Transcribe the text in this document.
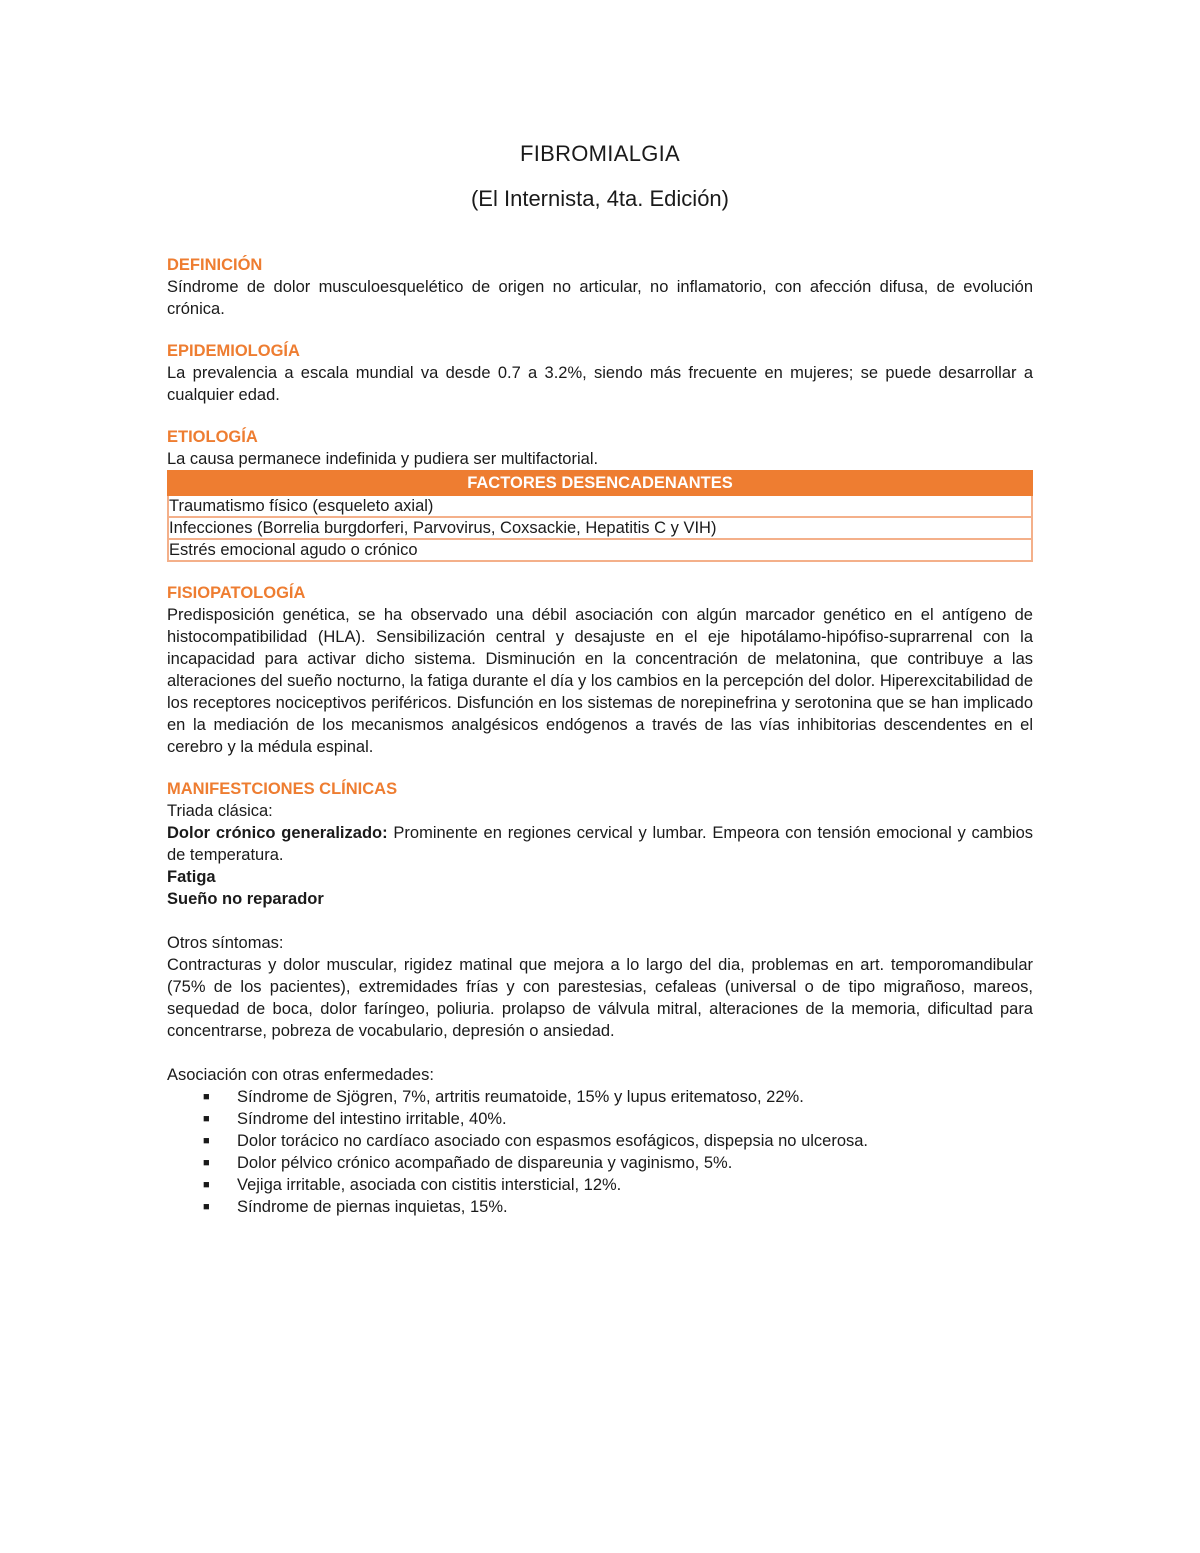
FIBROMIALGIA
(El Internista, 4ta. Edición)
DEFINICIÓN

Síndrome de dolor musculoesquelético de origen no articular, no inflamatorio, con afección difusa, de evolución crónica.

EPIDEMIOLOGÍA

La prevalencia a escala mundial va desde 0.7 a 3.2%, siendo más frecuente en mujeres; se puede desarrollar a cualquier edad.

ETIOLOGÍA

La causa permanece indefinida y pudiera ser multifactorial.

FACTORES DESENCADENANTES
Traumatismo físico (esqueleto axial)
Infecciones (Borrelia burgdorferi, Parvovirus, Coxsackie, Hepatitis C y VIH)
Estrés emocional agudo o crónico
FISIOPATOLOGÍA

Predisposición genética, se ha observado una débil asociación con algún marcador genético en el antígeno de histocompatibilidad (HLA). Sensibilización central y desajuste en el eje hipotálamo-hipófiso-suprarrenal con la incapacidad para activar dicho sistema. Disminución en la concentración de melatonina, que contribuye a las alteraciones del sueño nocturno, la fatiga durante el día y los cambios en la percepción del dolor. Hiperexcitabilidad de los receptores nociceptivos periféricos. Disfunción en los sistemas de norepinefrina y serotonina que se han implicado en la mediación de los mecanismos analgésicos endógenos a través de las vías inhibitorias descendentes en el cerebro y la médula espinal.

MANIFESTCIONES CLÍNICAS

Triada clásica:

Dolor crónico generalizado: Prominente en regiones cervical y lumbar. Empeora con tensión emocional y cambios de temperatura.

Fatiga

Sueño no reparador

Otros síntomas:

Contracturas y dolor muscular, rigidez matinal que mejora a lo largo del dia, problemas en art. temporomandibular (75% de los pacientes), extremidades frías y con parestesias, cefaleas (universal o de tipo migrañoso, mareos, sequedad de boca, dolor faríngeo, poliuria. prolapso de válvula mitral, alteraciones de la memoria, dificultad para concentrarse, pobreza de vocabulario, depresión o ansiedad.

Asociación con otras enfermedades:

■ Síndrome de Sjögren, 7%, artritis reumatoide, 15% y lupus eritematoso, 22%.
■ Síndrome del intestino irritable, 40%.
■ Dolor torácico no cardíaco asociado con espasmos esofágicos, dispepsia no ulcerosa.
■ Dolor pélvico crónico acompañado de dispareunia y vaginismo, 5%.
■ Vejiga irritable, asociada con cistitis intersticial, 12%.
■ Síndrome de piernas inquietas, 15%.
